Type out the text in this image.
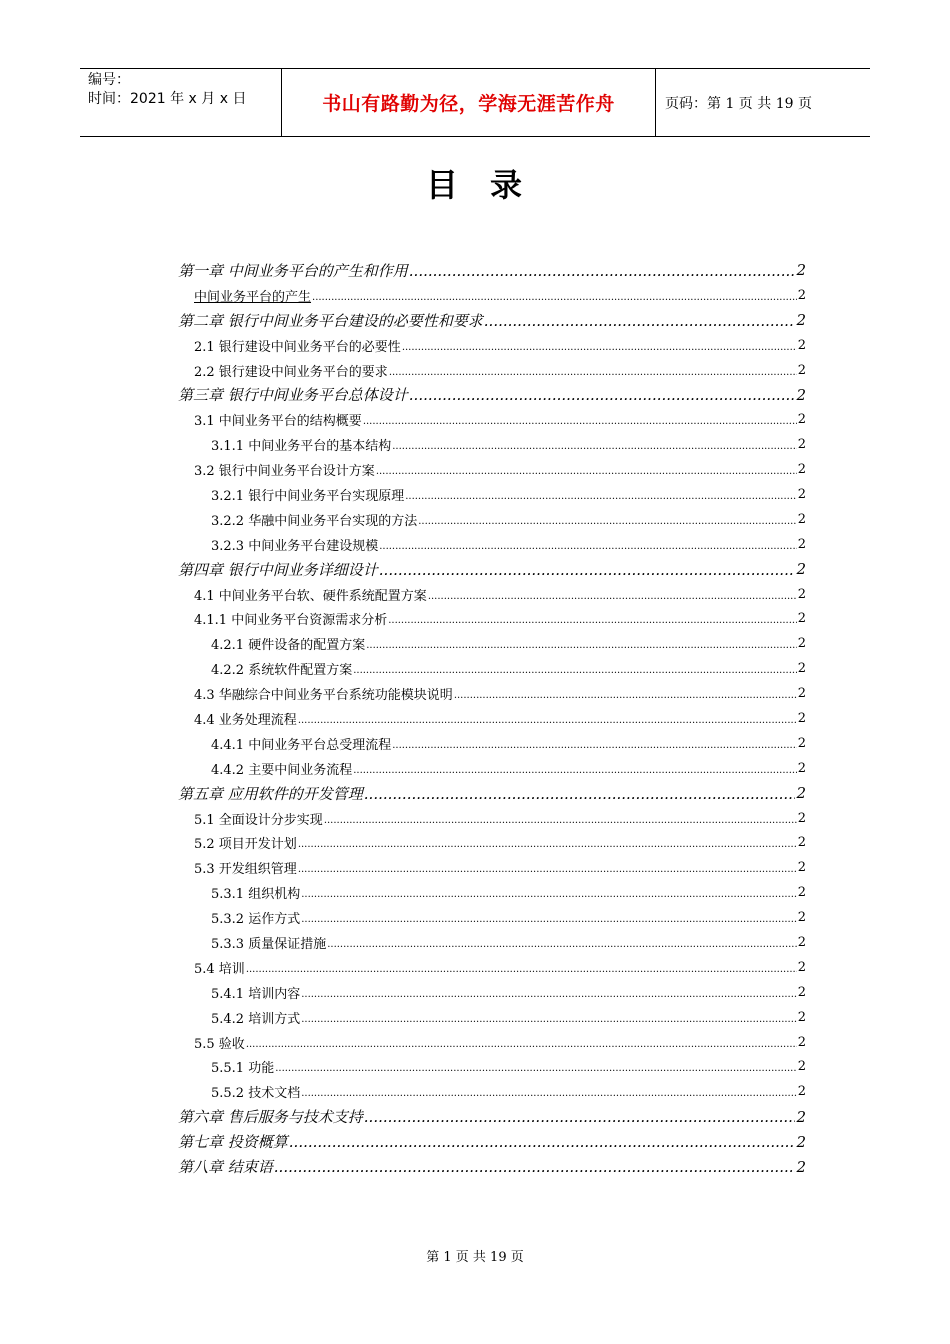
编号：
时间：2021 年 x 月 x 日	书山有路勤为径，学海无涯苦作舟	页码：第 1 页 共 19 页
目 录
第一章 中间业务平台的产生和作用 .....	2
中间业务平台的产生 .....	2
第二章 银行中间业务平台建设的必要性和要求 .....	2
2.1 银行建设中间业务平台的必要性 .....	2
2.2 银行建设中间业务平台的要求 .....	2
第三章 银行中间业务平台总体设计 .....	2
3.1 中间业务平台的结构概要 .....	2
3.1.1 中间业务平台的基本结构 .....	2
3.2 银行中间业务平台设计方案 .....	2
3.2.1 银行中间业务平台实现原理 .....	2
3.2.2 华融中间业务平台实现的方法 .....	2
3.2.3 中间业务平台建设规模 .....	2
第四章 银行中间业务详细设计 .....	2
4.1 中间业务平台软、硬件系统配置方案 .....	2
4.1.1 中间业务平台资源需求分析 .....	2
4.2.1 硬件设备的配置方案 .....	2
4.2.2 系统软件配置方案 .....	2
4.3 华融综合中间业务平台系统功能模块说明 .....	2
4.4 业务处理流程 .....	2
4.4.1 中间业务平台总受理流程 .....	2
4.4.2 主要中间业务流程 .....	2
第五章 应用软件的开发管理 .....	2
5.1 全面设计分步实现 .....	2
5.2 项目开发计划 .....	2
5.3 开发组织管理 .....	2
5.3.1 组织机构 .....	2
5.3.2 运作方式 .....	2
5.3.3 质量保证措施 .....	2
5.4 培训 .....	2
5.4.1 培训内容 .....	2
5.4.2 培训方式 .....	2
5.5 验收 .....	2
5.5.1 功能 .....	2
5.5.2 技术文档 .....	2
第六章 售后服务与技术支持 .....	2
第七章 投资概算 .....	2
第八章 结束语 .....	2
第 1 页 共 19 页
